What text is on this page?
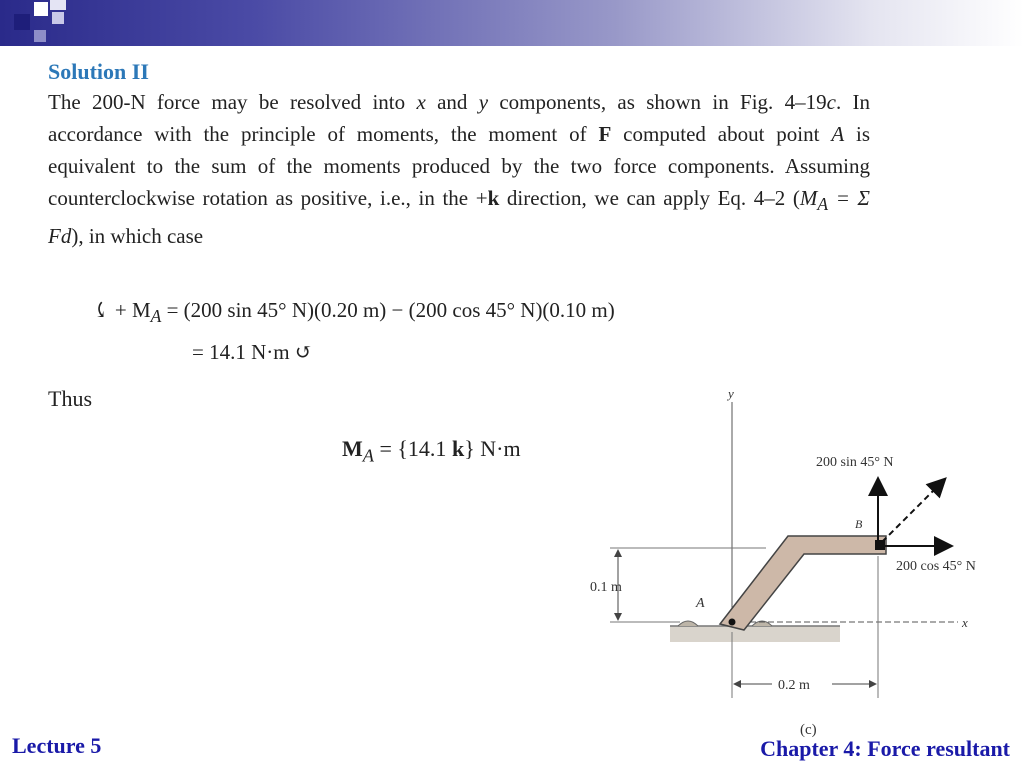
Solution II

The 200-N force may be resolved into x and y components, as shown in Fig. 4–19c. In accordance with the principle of moments, the moment of F computed about point A is equivalent to the sum of the moments produced by the two force components. Assuming counterclockwise rotation as positive, i.e., in the +k direction, we can apply Eq. 4–2 ($M_A = \Sigma$ Fd), in which case

⤹ + $M_A = (200$ sin 45° N)(0.20 m) − (200 cos 45° N)(0.10 m)
= 14.1 N·m ↺
Thus
$M_A = \{14.1$ k} N·m
y
x
A
B
200 sin 45° N
200 cos 45° N
0.1 m
0.2 m
(c)
Lecture 5	Chapter 4: Force resultant
